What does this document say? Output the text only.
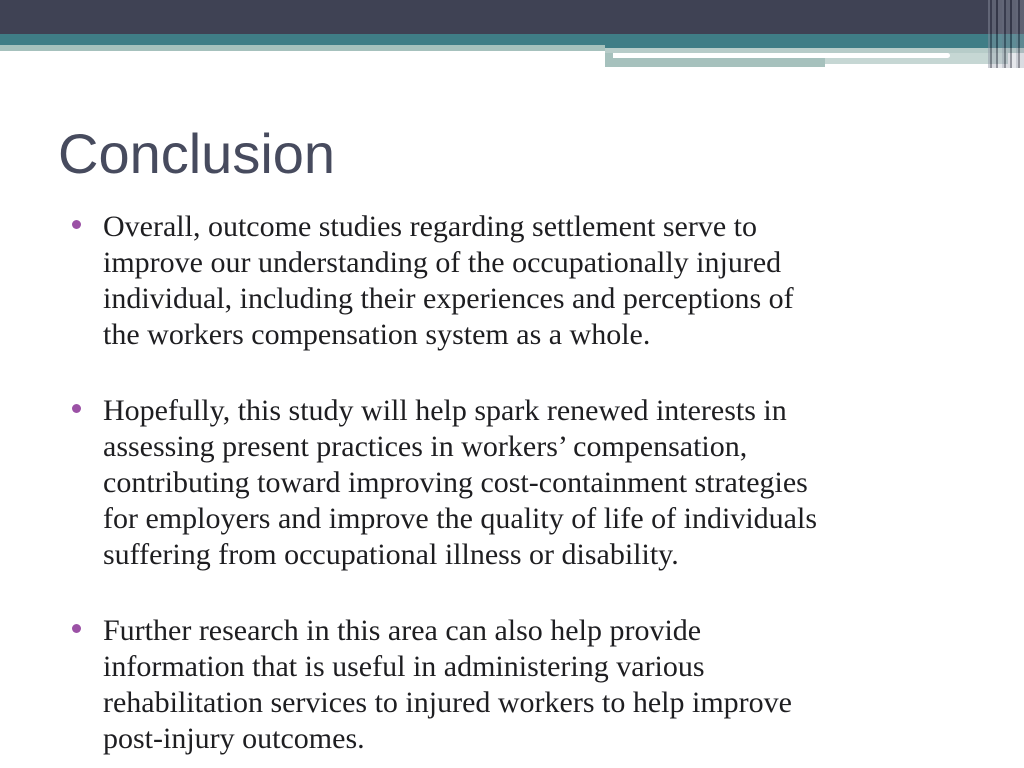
Conclusion
Overall, outcome studies regarding settlement serve to
improve our understanding of the occupationally injured
individual, including their experiences and perceptions of
the workers compensation system as a whole.
Hopefully, this study will help spark renewed interests in
assessing present practices in workers’ compensation,
contributing toward improving cost-containment strategies
for employers and improve the quality of life of individuals
suffering from occupational illness or disability.
Further research in this area can also help provide
information that is useful in administering various
rehabilitation services to injured workers to help improve
post-injury outcomes.
